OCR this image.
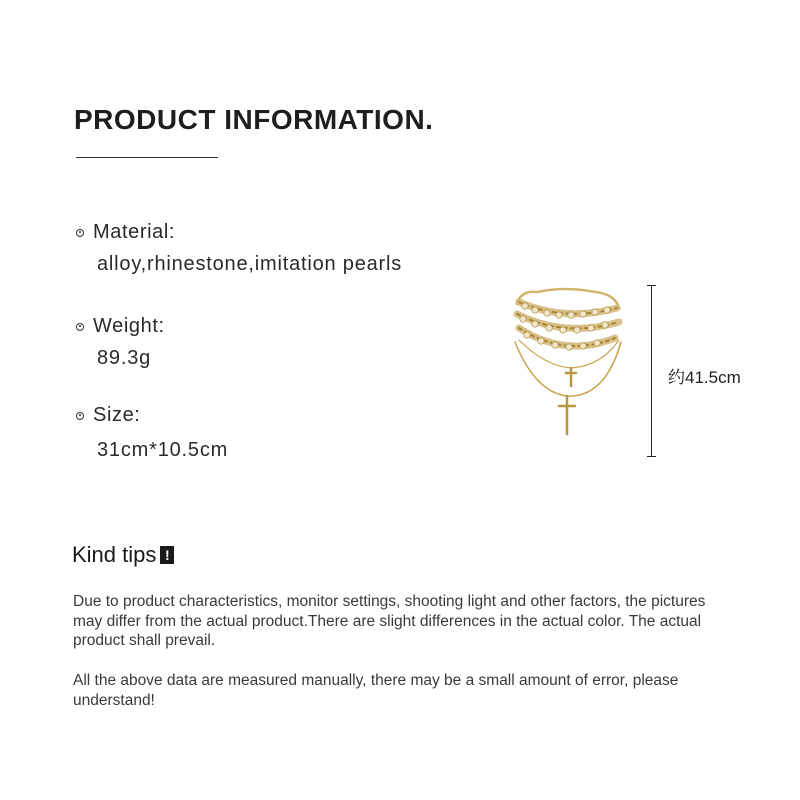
PRODUCT INFORMATION.
Material:
alloy,rhinestone,imitation pearls
Weight:
89.3g
Size:
31cm*10.5cm
约41.5cm
Kind tips !
Due to product characteristics, monitor settings, shooting light and other factors, the pictures may differ from the actual product.There are slight differences in the actual color. The actual product shall prevail.
All the above data are measured manually, there may be a small amount of error, please understand!
